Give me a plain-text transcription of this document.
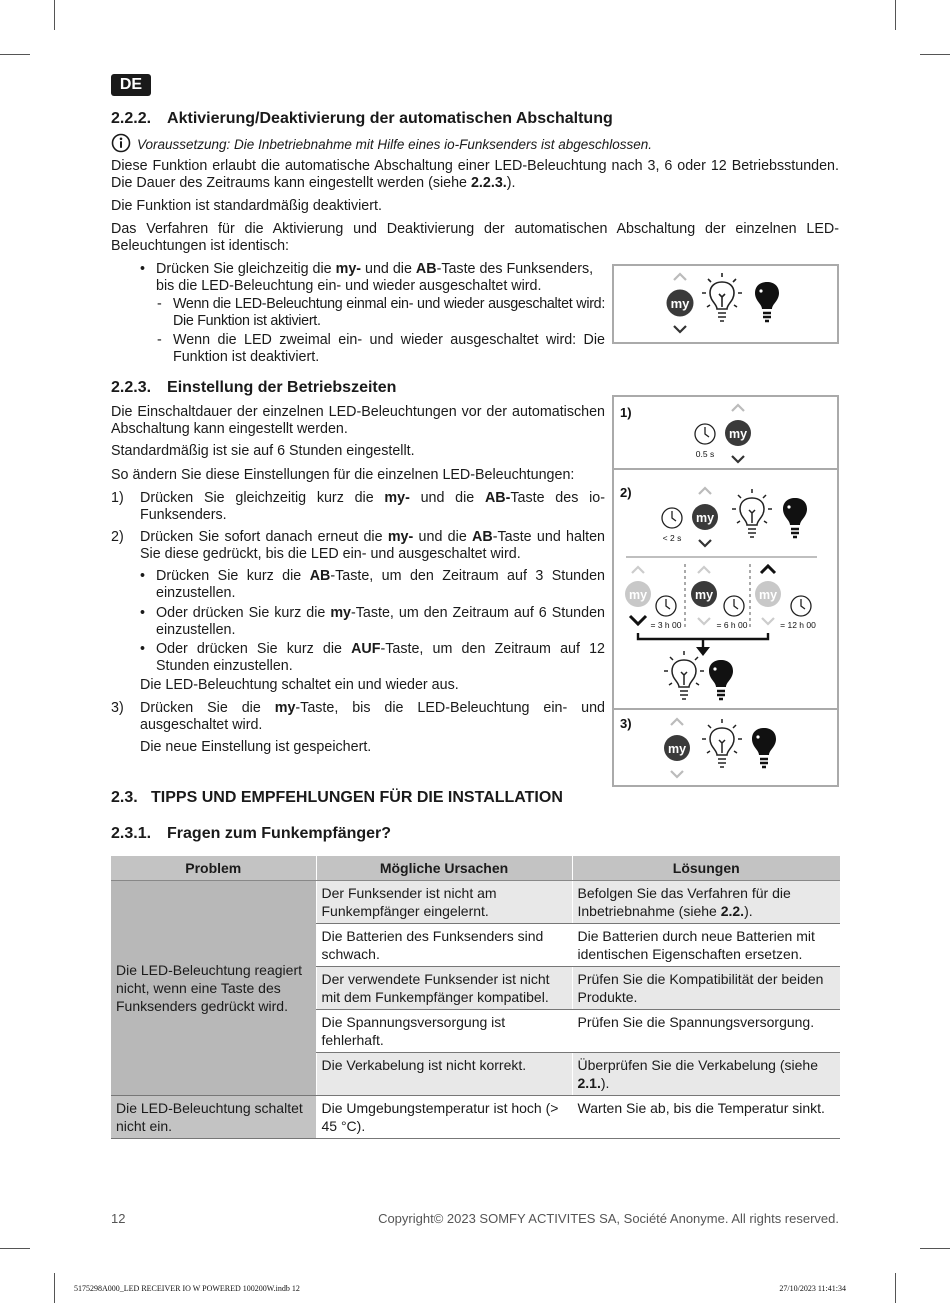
DE
2.2.2. Aktivierung/Deaktivierung der automatischen Abschaltung
Voraussetzung: Die Inbetriebnahme mit Hilfe eines io-Funksenders ist abgeschlossen.
Diese Funktion erlaubt die automatische Abschaltung einer LED-Beleuchtung nach 3, 6 oder 12 Betriebsstunden. Die Dauer des Zeitraums kann eingestellt werden (siehe 2.2.3.).
Die Funktion ist standardmäßig deaktiviert.
Das Verfahren für die Aktivierung und Deaktivierung der automatischen Abschaltung der einzelnen LED-Beleuchtungen ist identisch:
• Drücken Sie gleichzeitig die my- und die AB-Taste des Funksenders, bis die LED-Beleuchtung ein- und wieder ausgeschaltet wird.
- Wenn die LED-Beleuchtung einmal ein- und wieder ausgeschaltet wird: Die Funktion ist aktiviert.
- Wenn die LED zweimal ein- und wieder ausgeschaltet wird: Die Funktion ist deaktiviert.
my
2.2.3. Einstellung der Betriebszeiten
Die Einschaltdauer der einzelnen LED-Beleuchtungen vor der automatischen Abschaltung kann eingestellt werden.
Standardmäßig ist sie auf 6 Stunden eingestellt.
So ändern Sie diese Einstellungen für die einzelnen LED-Beleuchtungen:
1) Drücken Sie gleichzeitig kurz die my- und die AB-Taste des io-Funksenders.
2) Drücken Sie sofort danach erneut die my- und die AB-Taste und halten Sie diese gedrückt, bis die LED ein- und ausgeschaltet wird.
• Drücken Sie kurz die AB-Taste, um den Zeitraum auf 3 Stunden einzustellen.
• Oder drücken Sie kurz die my-Taste, um den Zeitraum auf 6 Stunden einzustellen.
• Oder drücken Sie kurz die AUF-Taste, um den Zeitraum auf 12 Stunden einzustellen.
Die LED-Beleuchtung schaltet ein und wieder aus.
3) Drücken Sie die my-Taste, bis die LED-Beleuchtung ein- und ausgeschaltet wird.
Die neue Einstellung ist gespeichert.
1)
my
0.5 s
2)
my
< 2 s
my
= 3 h 00
my
= 6 h 00
my
= 12 h 00
3)
my
2.3.   TIPPS UND EMPFEHLUNGEN FÜR DIE INSTALLATION
2.3.1. Fragen zum Funkempfänger?
Problem	Mögliche Ursachen	Lösungen
Die LED-Beleuchtung reagiert nicht, wenn eine Taste des Funksenders gedrückt wird.	Der Funksender ist nicht am Funkempfänger eingelernt.	Befolgen Sie das Verfahren für die Inbetriebnahme (siehe 2.2.).
	Die Batterien des Funksenders sind schwach.	Die Batterien durch neue Batterien mit identischen Eigenschaften ersetzen.
	Der verwendete Funksender ist nicht mit dem Funkempfänger kompatibel.	Prüfen Sie die Kompatibilität der beiden Produkte.
	Die Spannungsversorgung ist fehlerhaft.	Prüfen Sie die Spannungsversorgung.
	Die Verkabelung ist nicht korrekt.	Überprüfen Sie die Verkabelung (siehe 2.1.).
Die LED-Beleuchtung schaltet nicht ein.	Die Umgebungstemperatur ist hoch (> 45 °C).	Warten Sie ab, bis die Temperatur sinkt.
12	Copyright© 2023 SOMFY ACTIVITES SA, Société Anonyme. All rights reserved.
5175298A000_LED RECEIVER IO W POWERED 100200W.indb 12	27/10/2023 11:41:34
